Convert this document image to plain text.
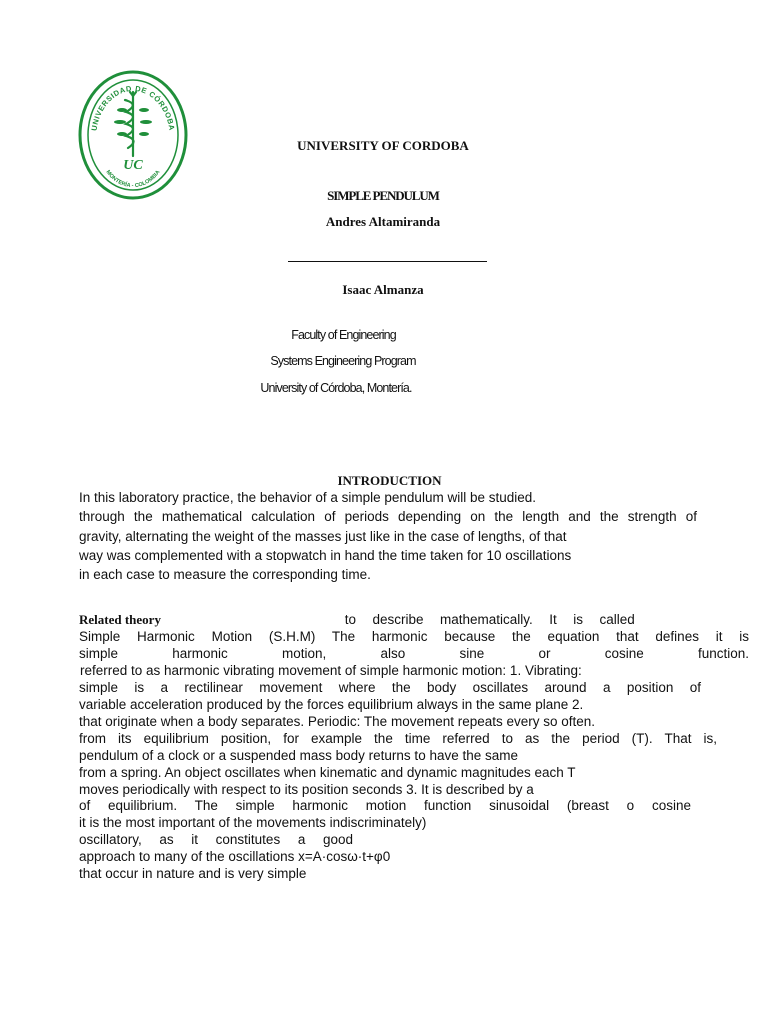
UNIVERSIDAD DE CÓRDOBA
MONTERÍA - COLOMBIA
UC
UNIVERSITY OF CORDOBA
SIMPLE PENDULUM
Andres Altamiranda
Isaac Almanza
Faculty of Engineering
Systems Engineering Program
University of Córdoba, Montería.
INTRODUCTION
In this laboratory practice, the behavior of a simple pendulum will be studied.
through the mathematical calculation of periods depending on the length and the strength of
gravity, alternating the weight of the masses just like in the case of lengths, of that
way was complemented with a stopwatch in hand the time taken for 10 oscillations
in each case to measure the corresponding time.
Related theory	to describe mathematically. It is called
Simple Harmonic Motion (S.H.M) The harmonic because the equation that defines it is
simple harmonic motion, also sine or cosine function.
referred to as harmonic vibrating movement of simple harmonic motion: 1. Vibrating:
simple is a rectilinear movement where the body oscillates around a position of
variable acceleration produced by the forces equilibrium always in the same plane 2.
that originate when a body separates. Periodic: The movement repeats every so often.
from its equilibrium position, for example the time referred to as the period (T). That is,
pendulum of a clock or a suspended mass body returns to have the same
from a spring. An object oscillates when kinematic and dynamic magnitudes each T
moves periodically with respect to its position seconds 3. It is described by a
of equilibrium. The simple harmonic motion function sinusoidal (breast o cosine
it is the most important of the movements indiscriminately)
oscillatory, as it constitutes a good
approach to many of the oscillations x=A·cosω·t+φ0
that occur in nature and is very simple
